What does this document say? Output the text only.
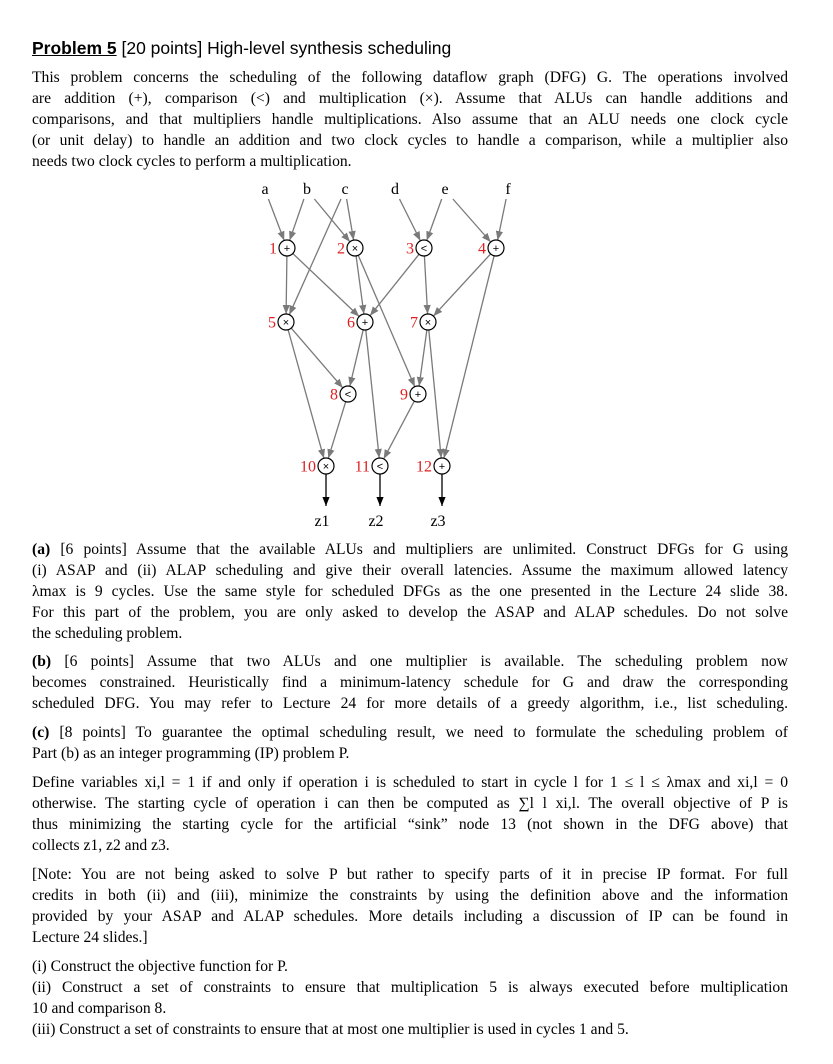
Problem 5 [20 points] High-level synthesis scheduling

This problem concerns the scheduling of the following dataflow graph (DFG) G. The operations involved
are addition (+), comparison (<) and multiplication (×). Assume that ALUs can handle additions and
comparisons, and that multipliers handle multiplications. Also assume that an ALU needs one clock cycle
(or unit delay) to handle an addition and two clock cycles to handle a comparison, while a multiplier also
needs two clock cycles to perform a multiplication.

+
1	×
2	<
3	+
4
×
5	+
6	×
7
<
8	+
9
×
10	<
11	+
12
a b c	d	e	f
z1 z2	z3

(a) [6 points] Assume that the available ALUs and multipliers are unlimited. Construct DFGs for G using
(i) ASAP and (ii) ALAP scheduling and give their overall latencies. Assume the maximum allowed latency
λmax is 9 cycles. Use the same style for scheduled DFGs as the one presented in the Lecture 24 slide 38.
For this part of the problem, you are only asked to develop the ASAP and ALAP schedules. Do not solve
the scheduling problem.

(b) [6 points] Assume that two ALUs and one multiplier is available. The scheduling problem now
becomes constrained. Heuristically find a minimum-latency schedule for G and draw the corresponding
scheduled DFG. You may refer to Lecture 24 for more details of a greedy algorithm, i.e., list scheduling.

(c) [8 points] To guarantee the optimal scheduling result, we need to formulate the scheduling problem of
Part (b) as an integer programming (IP) problem P.

Define variables xi,l = 1 if and only if operation i is scheduled to start in cycle l for 1 ≤ l ≤ λmax and xi,l = 0
otherwise. The starting cycle of operation i can then be computed as ∑l l xi,l. The overall objective of P is
thus minimizing the starting cycle for the artificial “sink” node 13 (not shown in the DFG above) that
collects z1, z2 and z3.

[Note: You are not being asked to solve P but rather to specify parts of it in precise IP format. For full
credits in both (ii) and (iii), minimize the constraints by using the definition above and the information
provided by your ASAP and ALAP schedules. More details including a discussion of IP can be found in
Lecture 24 slides.]

(i) Construct the objective function for P.
(ii) Construct a set of constraints to ensure that multiplication 5 is always executed before multiplication
10 and comparison 8.
(iii) Construct a set of constraints to ensure that at most one multiplier is used in cycles 1 and 5.
